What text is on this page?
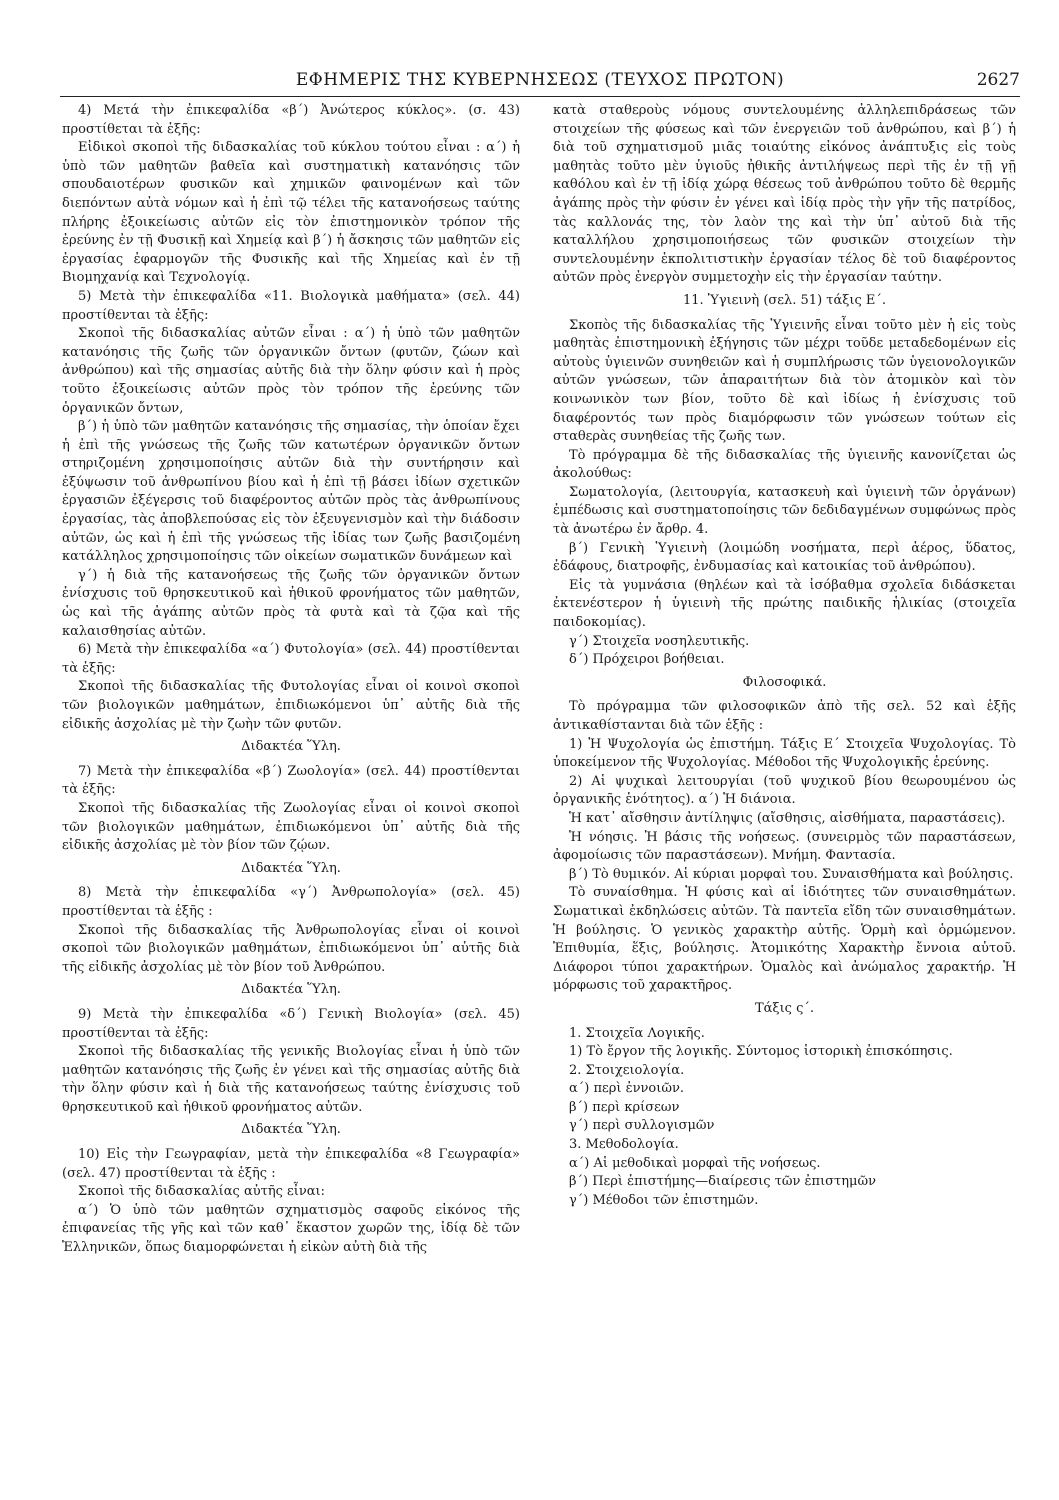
ΕΦΗΜΕΡΙΣ ΤΗΣ ΚΥΒΕΡΝΗΣΕΩΣ (ΤΕΥΧΟΣ ΠΡΩΤΟΝ)	2627

4) Μετά τὴν ἐπικεφαλίδα «β΄) Ἀνώτερος κύκλος». (σ. 43) προστίθεται τὰ ἑξῆς:

Εἰδικοὶ σκοποὶ τῆς διδασκαλίας τοῦ κύκλου τούτου εἶναι : α΄) ἡ ὑπὸ τῶν μαθητῶν βαθεῖα καὶ συστηματικὴ κατανόησις τῶν σπουδαιοτέρων φυσικῶν καὶ χημικῶν φαινομένων καὶ τῶν διεπόντων αὐτὰ νόμων καὶ ἡ ἐπὶ τῷ τέλει τῆς κατανοήσεως ταύτης πλήρης ἐξοικείωσις αὐτῶν εἰς τὸν ἐπιστημονικὸν τρόπον τῆς ἐρεύνης ἐν τῇ Φυσικῇ καὶ Χημείᾳ καὶ β΄) ἡ ἄσκησις τῶν μαθητῶν εἰς ἐργασίας ἐφαρμογῶν τῆς Φυσικῆς καὶ τῆς Χημείας καὶ ἐν τῇ Βιομηχανίᾳ καὶ Τεχνολογίᾳ.

5) Μετὰ τὴν ἐπικεφαλίδα «11. Βιολογικὰ μαθήματα» (σελ. 44) προστίθενται τὰ ἑξῆς:

Σκοποὶ τῆς διδασκαλίας αὐτῶν εἶναι : α΄) ἡ ὑπὸ τῶν μαθητῶν κατανόησις τῆς ζωῆς τῶν ὀργανικῶν ὄντων (φυτῶν, ζώων καὶ ἀνθρώπου) καὶ τῆς σημασίας αὐτῆς διὰ τὴν ὅλην φύσιν καὶ ἡ πρὸς τοῦτο ἐξοικείωσις αὐτῶν πρὸς τὸν τρόπον τῆς ἐρεύνης τῶν ὀργανικῶν ὄντων,

β΄) ἡ ὑπὸ τῶν μαθητῶν κατανόησις τῆς σημασίας, τὴν ὁποίαν ἔχει ἡ ἐπὶ τῆς γνώσεως τῆς ζωῆς τῶν κατωτέρων ὀργανικῶν ὄντων στηριζομένη χρησιμοποίησις αὐτῶν διὰ τὴν συντήρησιν καὶ ἐξύψωσιν τοῦ ἀνθρωπίνου βίου καὶ ἡ ἐπὶ τῇ βάσει ἰδίων σχετικῶν ἐργασιῶν ἐξέγερσις τοῦ διαφέροντος αὐτῶν πρὸς τὰς ἀνθρωπίνους ἐργασίας, τὰς ἀποβλεπούσας εἰς τὸν ἐξευγενισμὸν καὶ τὴν διάδοσιν αὐτῶν, ὡς καὶ ἡ ἐπὶ τῆς γνώσεως τῆς ἰδίας των ζωῆς βασιζομένη κατάλληλος χρησιμοποίησις τῶν οἰκείων σωματικῶν δυνάμεων καὶ

γ΄) ἡ διὰ τῆς κατανοήσεως τῆς ζωῆς τῶν ὀργανικῶν ὄντων ἐνίσχυσις τοῦ θρησκευτικοῦ καὶ ἠθικοῦ φρονήματος τῶν μαθητῶν, ὡς καὶ τῆς ἀγάπης αὐτῶν πρὸς τὰ φυτὰ καὶ τὰ ζῷα καὶ τῆς καλαισθησίας αὐτῶν.

6) Μετὰ τὴν ἐπικεφαλίδα «α΄) Φυτολογία» (σελ. 44) προστίθενται τὰ ἑξῆς:

Σκοποὶ τῆς διδασκαλίας τῆς Φυτολογίας εἶναι οἱ κοινοὶ σκοποὶ τῶν βιολογικῶν μαθημάτων, ἐπιδιωκόμενοι ὑπ᾽ αὐτῆς διὰ τῆς εἰδικῆς ἀσχολίας μὲ τὴν ζωὴν τῶν φυτῶν.

Διδακτέα Ὕλη.

7) Μετὰ τὴν ἐπικεφαλίδα «β΄) Ζωολογία» (σελ. 44) προστίθενται τὰ ἑξῆς:

Σκοποὶ τῆς διδασκαλίας τῆς Ζωολογίας εἶναι οἱ κοινοὶ σκοποὶ τῶν βιολογικῶν μαθημάτων, ἐπιδιωκόμενοι ὑπ᾽ αὐτῆς διὰ τῆς εἰδικῆς ἀσχολίας μὲ τὸν βίον τῶν ζῴων.

Διδακτέα Ὕλη.

8) Μετὰ τὴν ἐπικεφαλίδα «γ΄) Ἀνθρωπολογία» (σελ. 45) προστίθενται τὰ ἑξῆς :

Σκοποὶ τῆς διδασκαλίας τῆς Ἀνθρωπολογίας εἶναι οἱ κοινοὶ σκοποὶ τῶν βιολογικῶν μαθημάτων, ἐπιδιωκόμενοι ὑπ᾽ αὐτῆς διὰ τῆς εἰδικῆς ἀσχολίας μὲ τὸν βίον τοῦ Ἀνθρώπου.

Διδακτέα Ὕλη.

9) Μετὰ τὴν ἐπικεφαλίδα «δ΄) Γενικὴ Βιολογία» (σελ. 45) προστίθενται τὰ ἑξῆς:

Σκοποὶ τῆς διδασκαλίας τῆς γενικῆς Βιολογίας εἶναι ἡ ὑπὸ τῶν μαθητῶν κατανόησις τῆς ζωῆς ἐν γένει καὶ τῆς σημασίας αὐτῆς διὰ τὴν ὅλην φύσιν καὶ ἡ διὰ τῆς κατανοήσεως ταύτης ἐνίσχυσις τοῦ θρησκευτικοῦ καὶ ἠθικοῦ φρονήματος αὐτῶν.

Διδακτέα Ὕλη.

10) Εἰς τὴν Γεωγραφίαν, μετὰ τὴν ἐπικεφαλίδα «8 Γεωγραφία» (σελ. 47) προστίθενται τὰ ἑξῆς :

Σκοποὶ τῆς διδασκαλίας αὐτῆς εἶναι:

α΄) Ὁ ὑπὸ τῶν μαθητῶν σχηματισμὸς σαφοῦς εἰκόνος τῆς ἐπιφανείας τῆς γῆς καὶ τῶν καθ᾽ ἕκαστον χωρῶν της, ἰδίᾳ δὲ τῶν Ἑλληνικῶν, ὅπως διαμορφώνεται ἡ εἰκὼν αὐτὴ διὰ τῆς

κατὰ σταθεροὺς νόμους συντελουμένης ἀλληλεπιδράσεως τῶν στοιχείων τῆς φύσεως καὶ τῶν ἐνεργειῶν τοῦ ἀνθρώπου, καὶ β΄) ἡ διὰ τοῦ σχηματισμοῦ μιᾶς τοιαύτης εἰκόνος ἀνάπτυξις εἰς τοὺς μαθητὰς τοῦτο μὲν ὑγιοῦς ἠθικῆς ἀντιλήψεως περὶ τῆς ἐν τῇ γῇ καθόλου καὶ ἐν τῇ ἰδίᾳ χώρᾳ θέσεως τοῦ ἀνθρώπου τοῦτο δὲ θερμῆς ἀγάπης πρὸς τὴν φύσιν ἐν γένει καὶ ἰδίᾳ πρὸς τὴν γῆν τῆς πατρίδος, τὰς καλλονάς της, τὸν λαὸν της καὶ τὴν ὑπ᾽ αὐτοῦ διὰ τῆς καταλλήλου χρησιμοποιήσεως τῶν φυσικῶν στοιχείων τὴν συντελουμένην ἐκπολιτιστικὴν ἐργασίαν τέλος δὲ τοῦ διαφέροντος αὐτῶν πρὸς ἐνεργὸν συμμετοχὴν εἰς τὴν ἐργασίαν ταύτην.

11. Ὑγιεινὴ (σελ. 51) τάξις Ε΄.

Σκοπὸς τῆς διδασκαλίας τῆς Ὑγιεινῆς εἶναι τοῦτο μὲν ἡ εἰς τοὺς μαθητὰς ἐπιστημονικὴ ἐξήγησις τῶν μέχρι τοῦδε μεταδεδομένων εἰς αὐτοὺς ὑγιεινῶν συνηθειῶν καὶ ἡ συμπλήρωσις τῶν ὑγειονολογικῶν αὐτῶν γνώσεων, τῶν ἀπαραιτήτων διὰ τὸν ἀτομικὸν καὶ τὸν κοινωνικὸν των βίον, τοῦτο δὲ καὶ ἰδίως ἡ ἐνίσχυσις τοῦ διαφέροντός των πρὸς διαμόρφωσιν τῶν γνώσεων τούτων εἰς σταθερὰς συνηθείας τῆς ζωῆς των.

Τὸ πρόγραμμα δὲ τῆς διδασκαλίας τῆς ὑγιεινῆς κανονίζεται ὡς ἀκολούθως:

Σωματολογία, (λειτουργία, κατασκευὴ καὶ ὑγιεινὴ τῶν ὀργάνων) ἐμπέδωσις καὶ συστηματοποίησις τῶν δεδιδαγμένων συμφώνως πρὸς τὰ ἀνωτέρω ἐν ἄρθρ. 4.

β΄) Γενικὴ Ὑγιεινὴ (λοιμώδη νοσήματα, περὶ ἀέρος, ὕδατος, ἐδάφους, διατροφῆς, ἐνδυμασίας καὶ κατοικίας τοῦ ἀνθρώπου).

Εἰς τὰ γυμνάσια (θηλέων καὶ τὰ ἰσόβαθμα σχολεῖα διδάσκεται ἐκτενέστερον ἡ ὑγιεινὴ τῆς πρώτης παιδικῆς ἡλικίας (στοιχεῖα παιδοκομίας).

γ΄) Στοιχεῖα νοσηλευτικῆς.

δ΄) Πρόχειροι βοήθειαι.

Φιλοσοφικά.

Τὸ πρόγραμμα τῶν φιλοσοφικῶν ἀπὸ τῆς σελ. 52 καὶ ἑξῆς ἀντικαθίστανται διὰ τῶν ἑξῆς :

1) Ἡ Ψυχολογία ὡς ἐπιστήμη. Τάξις Ε΄ Στοιχεῖα Ψυχολογίας. Τὸ ὑποκείμενον τῆς Ψυχολογίας. Μέθοδοι τῆς Ψυχολογικῆς ἐρεύνης.

2) Αἱ ψυχικαὶ λειτουργίαι (τοῦ ψυχικοῦ βίου θεωρουμένου ὡς ὀργανικῆς ἑνότητος). α΄) Ἡ διάνοια.

Ἡ κατ᾽ αἴσθησιν ἀντίληψις (αἴσθησις, αἰσθήματα, παραστάσεις).

Ἡ νόησις. Ἡ βάσις τῆς νοήσεως. (συνειρμὸς τῶν παραστάσεων, ἀφομοίωσις τῶν παραστάσεων). Μνήμη. Φαντασία.

β΄) Τὸ θυμικόν. Αἱ κύριαι μορφαὶ του. Συναισθήματα καὶ βούλησις.

Τὸ συναίσθημα. Ἡ φύσις καὶ αἱ ἰδιότητες τῶν συναισθημάτων. Σωματικαὶ ἐκδηλώσεις αὐτῶν. Τὰ παντεῖα εἴδη τῶν συναισθημάτων. Ἡ βούλησις. Ὁ γενικὸς χαρακτὴρ αὐτῆς. Ὁρμὴ καὶ ὁρμώμενον. Ἐπιθυμία, ἕξις, βούλησις. Ἀτομικότης Χαρακτὴρ ἔννοια αὐτοῦ. Διάφοροι τύποι χαρακτήρων. Ὁμαλὸς καὶ ἀνώμαλος χαρακτήρ. Ἡ μόρφωσις τοῦ χαρακτῆρος.

Τάξις ς΄.

1. Στοιχεῖα Λογικῆς.

1) Τὸ ἔργον τῆς λογικῆς. Σύντομος ἱστορικὴ ἐπισκόπησις.

2. Στοιχειολογία.

α΄) περὶ ἐννοιῶν.

β΄) περὶ κρίσεων

γ΄) περὶ συλλογισμῶν

3. Μεθοδολογία.

α΄) Αἱ μεθοδικαὶ μορφαὶ τῆς νοήσεως.

β΄) Περὶ ἐπιστήμης—διαίρεσις τῶν ἐπιστημῶν

γ΄) Μέθοδοι τῶν ἐπιστημῶν.
